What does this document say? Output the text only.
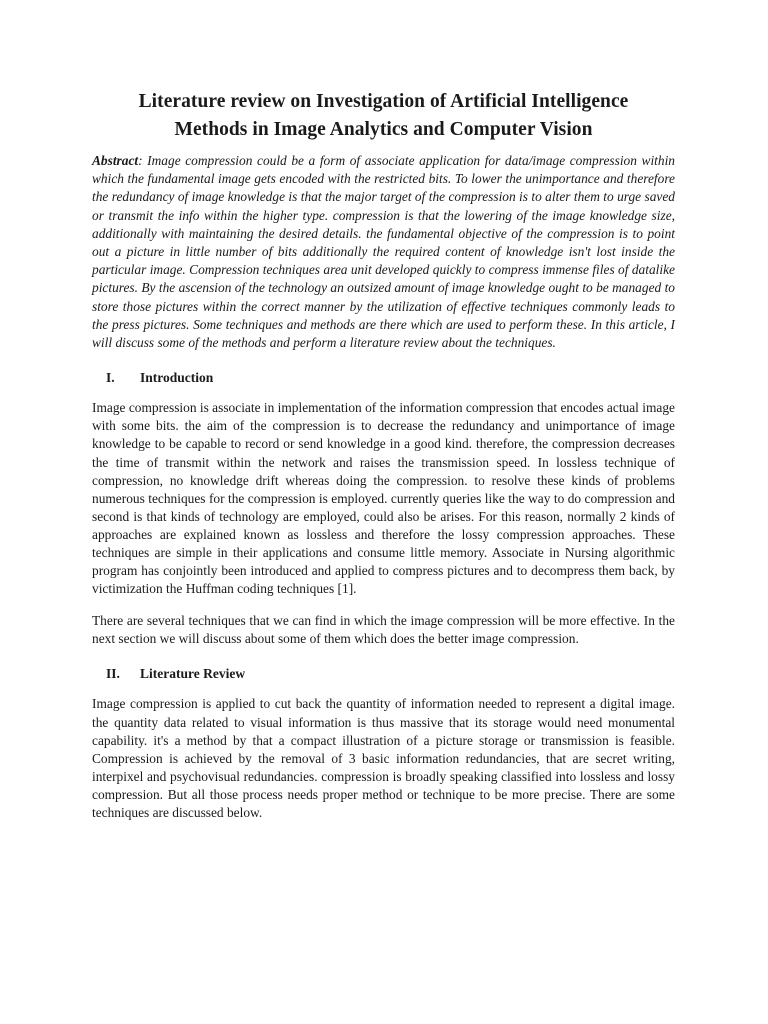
Literature review on Investigation of Artificial Intelligence
Methods in Image Analytics and Computer Vision

Abstract: Image compression could be a form of associate application for data/image compression within which the fundamental image gets encoded with the restricted bits. To lower the unimportance and therefore the redundancy of image knowledge is that the major target of the compression is to alter them to urge saved or transmit the info within the higher type. compression is that the lowering of the image knowledge size, additionally with maintaining the desired details. the fundamental objective of the compression is to point out a picture in little number of bits additionally the required content of knowledge isn't lost inside the particular image. Compression techniques area unit developed quickly to compress immense files of datalike pictures. By the ascension of the technology an outsized amount of image knowledge ought to be managed to store those pictures within the correct manner by the utilization of effective techniques commonly leads to the press pictures. Some techniques and methods are there which are used to perform these. In this article, I will discuss some of the methods and perform a literature review about the techniques.

I.	Introduction

Image compression is associate in implementation of the information compression that encodes actual image with some bits. the aim of the compression is to decrease the redundancy and unimportance of image knowledge to be capable to record or send knowledge in a good kind. therefore, the compression decreases the time of transmit within the network and raises the transmission speed. In lossless technique of compression, no knowledge drift whereas doing the compression. to resolve these kinds of problems numerous techniques for the compression is employed. currently queries like the way to do compression and second is that kinds of technology are employed, could also be arises. For this reason, normally 2 kinds of approaches are explained known as lossless and therefore the lossy compression approaches. These techniques are simple in their applications and consume little memory. Associate in Nursing algorithmic program has conjointly been introduced and applied to compress pictures and to decompress them back, by victimization the Huffman coding techniques [1].

There are several techniques that we can find in which the image compression will be more effective. In the next section we will discuss about some of them which does the better image compression.

II.	Literature Review

Image compression is applied to cut back the quantity of information needed to represent a digital image. the quantity data related to visual information is thus massive that its storage would need monumental capability. it's a method by that a compact illustration of a picture storage or transmission is feasible. Compression is achieved by the removal of 3 basic information redundancies, that are secret writing, interpixel and psychovisual redundancies. compression is broadly speaking classified into lossless and lossy compression. But all those process needs proper method or technique to be more precise. There are some techniques are discussed below.
